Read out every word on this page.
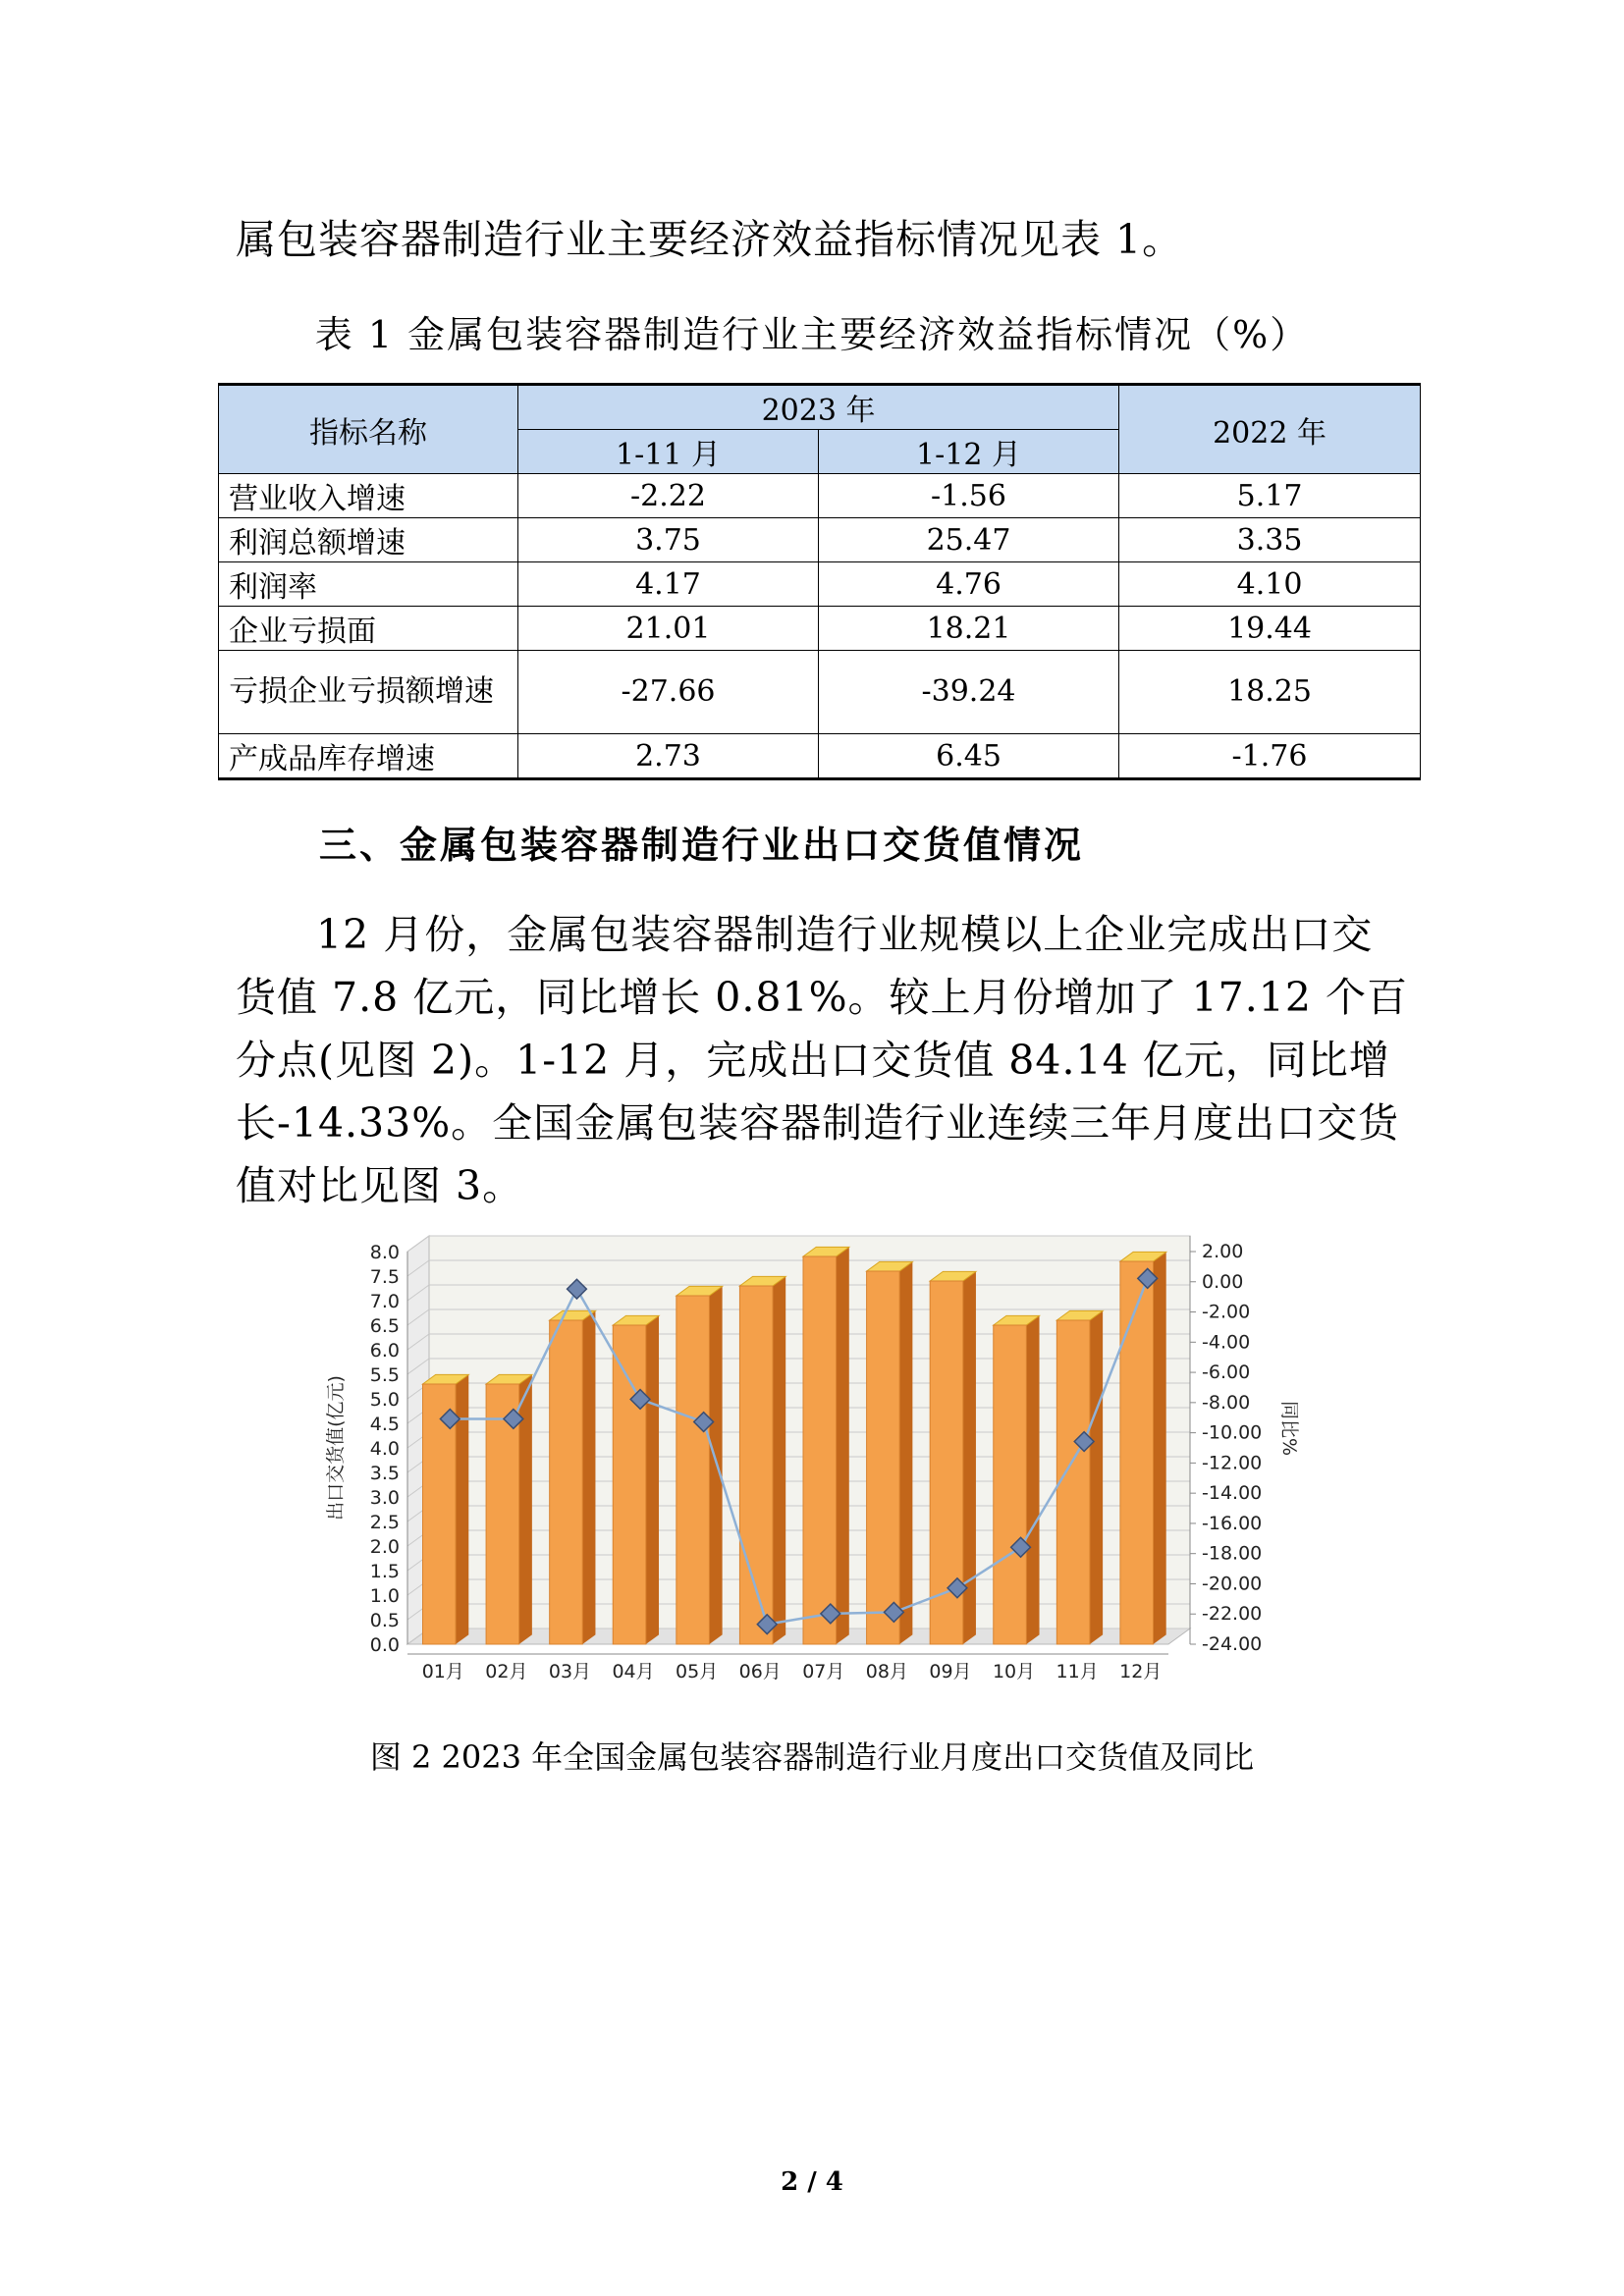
属包装容器制造行业主要经济效益指标情况见表 1。

表 1 金属包装容器制造行业主要经济效益指标情况（%）
指标名称	2023 年		2022 年
	1-11 月	1-12 月	
营业收入增速	-2.22	-1.56	5.17
利润总额增速	3.75	25.47	3.35
利润率	4.17	4.76	4.10
企业亏损面	21.01	18.21	19.44
亏损企业亏损额增速	-27.66	-39.24	18.25
产成品库存增速	2.73	6.45	-1.76
三、金属包装容器制造行业出口交货值情况

12 月份，金属包装容器制造行业规模以上企业完成出口交货值 7.8 亿元，同比增长 0.81%。较上月份增加了 17.12 个百分点(见图 2)。1-12 月，完成出口交货值 84.14 亿元，同比增长-14.33%。全国金属包装容器制造行业连续三年月度出口交货值对比见图 3。

0.0
0.5
1.0
1.5
2.0
2.5
3.0
3.5
4.0
4.5
5.0
5.5
6.0
6.5
7.0
7.5
8.0	2.00
0.00
-2.00
-4.00
-6.00
-8.00
-10.00
-12.00
-14.00
-16.00
-18.00
-20.00
-22.00
-24.00
出口交货值(亿元)	同比%
01月 02月 03月 04月 05月 06月 07月 08月 09月 10月 11月 12月
图 2 2023 年全国金属包装容器制造行业月度出口交货值及同比
2 / 4
